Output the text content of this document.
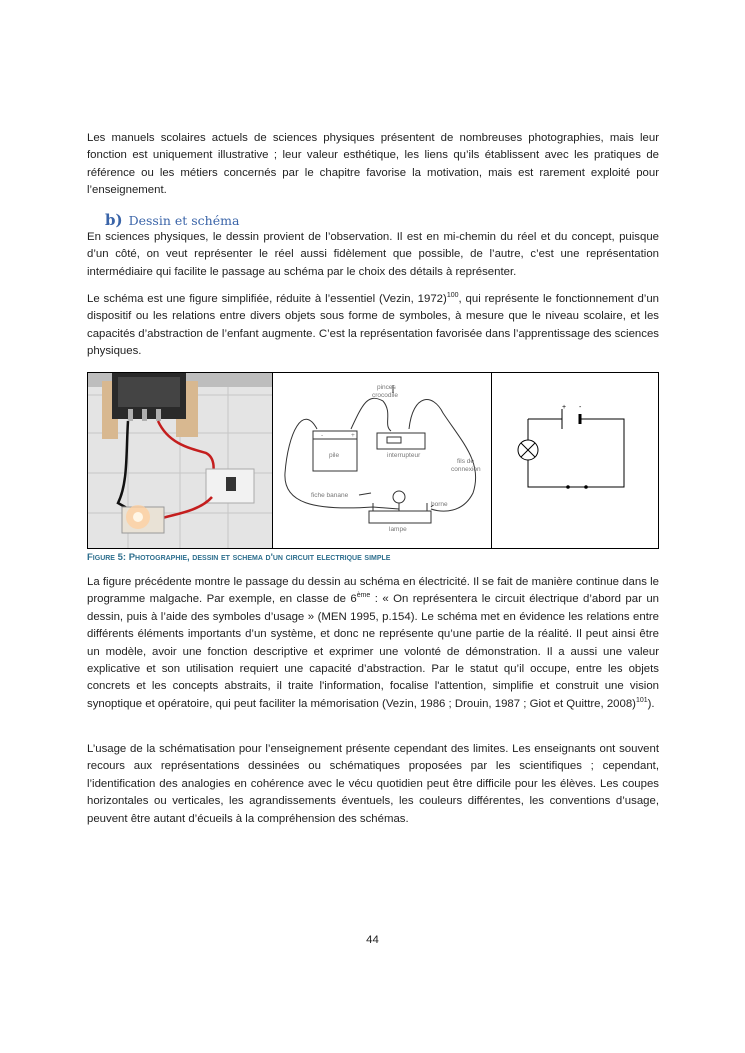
Les manuels scolaires actuels de sciences physiques présentent de nombreuses photographies, mais leur fonction est uniquement illustrative ; leur valeur esthétique, les liens qu’ils établissent avec les pratiques de référence ou les métiers concernés par le chapitre favorise la motivation, mais est rarement exploité pour l’enseignement.

b) Dessin et schéma

En sciences physiques, le dessin provient de l’observation. Il est en mi-chemin du réel et du concept, puisque d’un côté, on veut représenter le réel aussi fidèlement que possible, de l’autre, c’est une représentation intermédiaire qui facilite le passage au schéma par le choix des détails à représenter.

Le schéma est une figure simplifiée, réduite à l’essentiel (Vezin, 1972)$^{100}$, qui représente le fonctionnement d’un dispositif ou les relations entre divers objets sous forme de symboles, à mesure que le niveau scolaire, et les capacités d’abstraction de l’enfant augmente. C’est la représentation favorisée dans l’apprentissage des sciences physiques.

pinces
crocodile
-	+
pile	interrupteur
fils de
connexion
fiche banane
borne
lampe
+ -

Figure 5: Photographie, dessin et schema d'un circuit electrique simple

La figure précédente montre le passage du dessin au schéma en électricité. Il se fait de manière continue dans le programme malgache. Par exemple, en classe de 6ème : « On représentera le circuit électrique d’abord par un dessin, puis à l’aide des symboles d’usage » (MEN 1995, p.154). Le schéma met en évidence les relations entre différents éléments importants d’un système, et donc ne représente qu’une partie de la réalité. Il peut ainsi être un modèle, avoir une fonction descriptive et exprimer une volonté de démonstration. Il a aussi une valeur explicative et son utilisation requiert une capacité d’abstraction. Par le statut qu’il occupe, entre les objets concrets et les concepts abstraits, il traite l'information, focalise l'attention, simplifie et construit une vision synoptique et opératoire, qui peut faciliter la mémorisation (Vezin, 1986 ; Drouin, 1987 ; Giot et Quittre, 2008)$^{101}$).

L’usage de la schématisation pour l’enseignement présente cependant des limites. Les enseignants ont souvent recours aux représentations dessinées ou schématiques proposées par les scientifiques ; cependant, l’identification des analogies en cohérence avec le vécu quotidien peut être difficile pour les élèves. Les coupes horizontales ou verticales, les agrandissements éventuels, les couleurs différentes, les conventions d’usage, peuvent être autant d’écueils à la compréhension des schémas.

44
